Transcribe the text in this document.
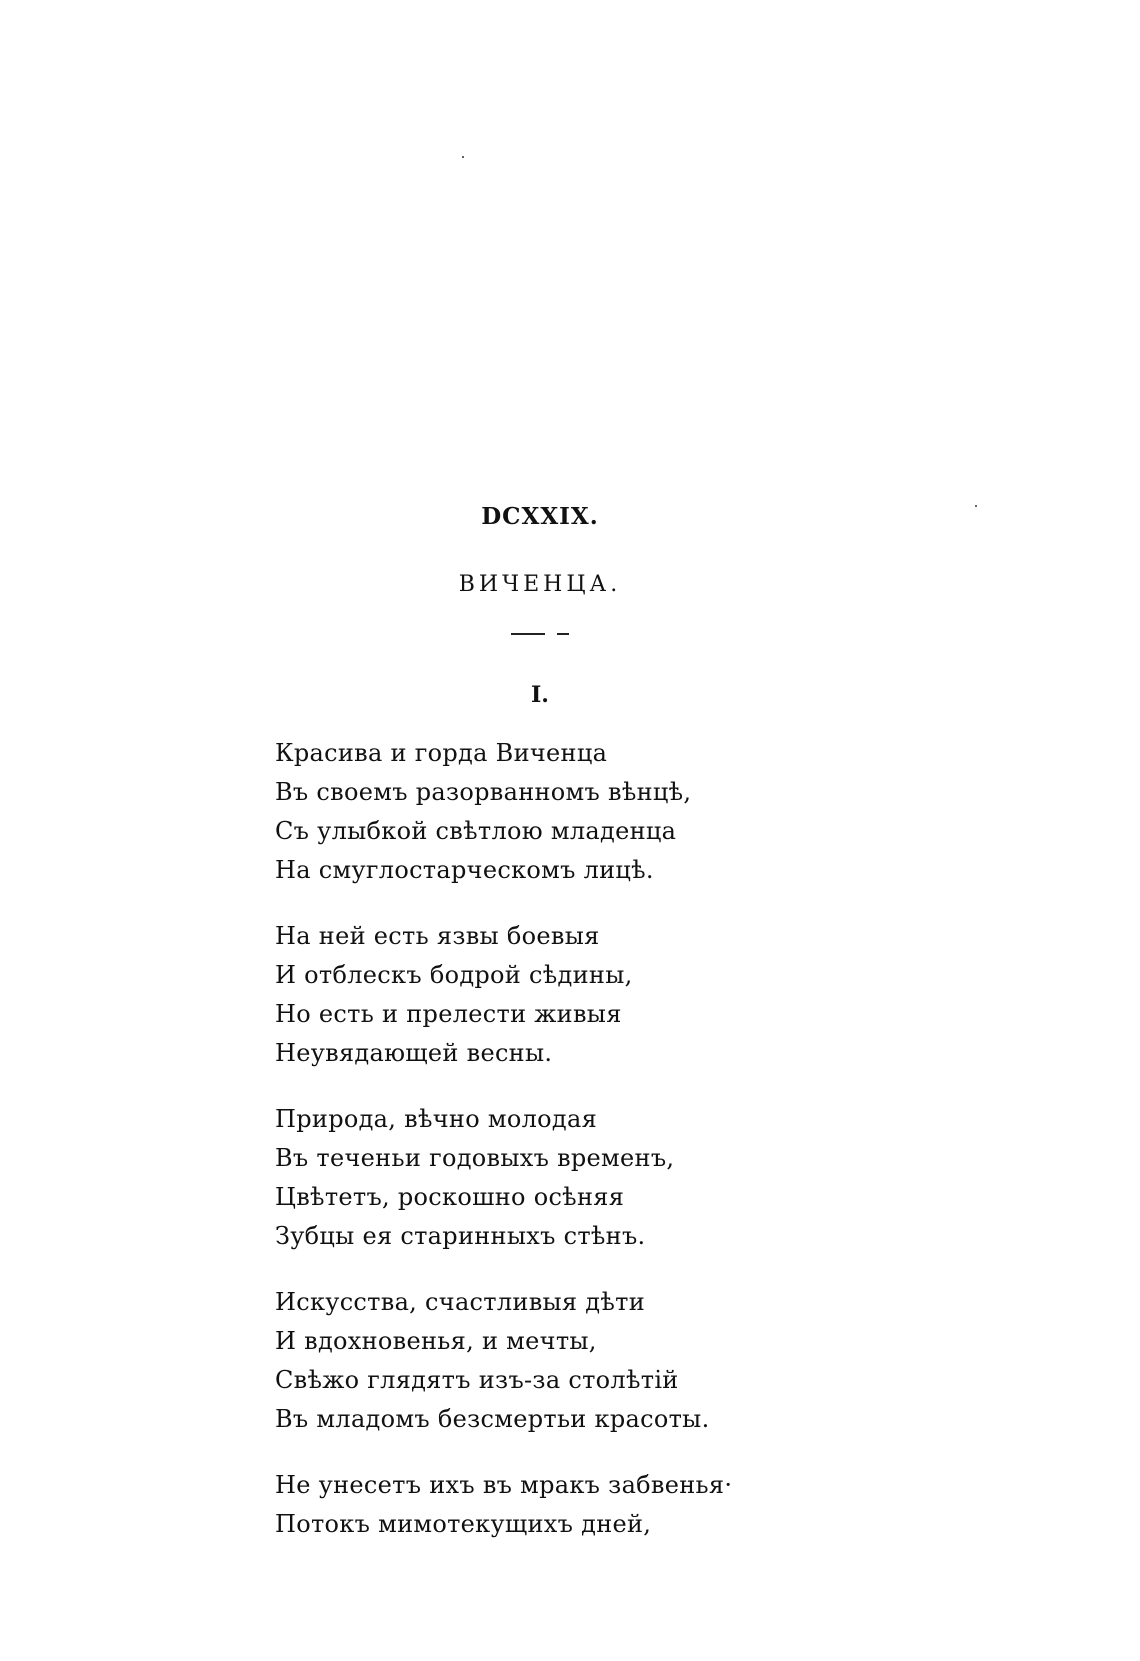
DCXXIX.
ВИЧЕНЦА.
I.
Красива и горда Виченца
Въ своемъ разорванномъ вѣнцѣ,
Съ улыбкой свѣтлою младенца
На смуглостарческомъ лицѣ.
На ней есть язвы боевыя
И отблескъ бодрой сѣдины,
Но есть и прелести живыя
Неувядающей весны.
Природа, вѣчно молодая
Въ теченьи годовыхъ временъ,
Цвѣтетъ, роскошно осѣняя
Зубцы ея старинныхъ стѣнъ.
Искусства, счастливыя дѣти
И вдохновенья, и мечты,
Свѣжо глядятъ изъ-за столѣтій
Въ младомъ безсмертьи красоты.
Не унесетъ ихъ въ мракъ забвенья·
Потокъ мимотекущихъ дней,
